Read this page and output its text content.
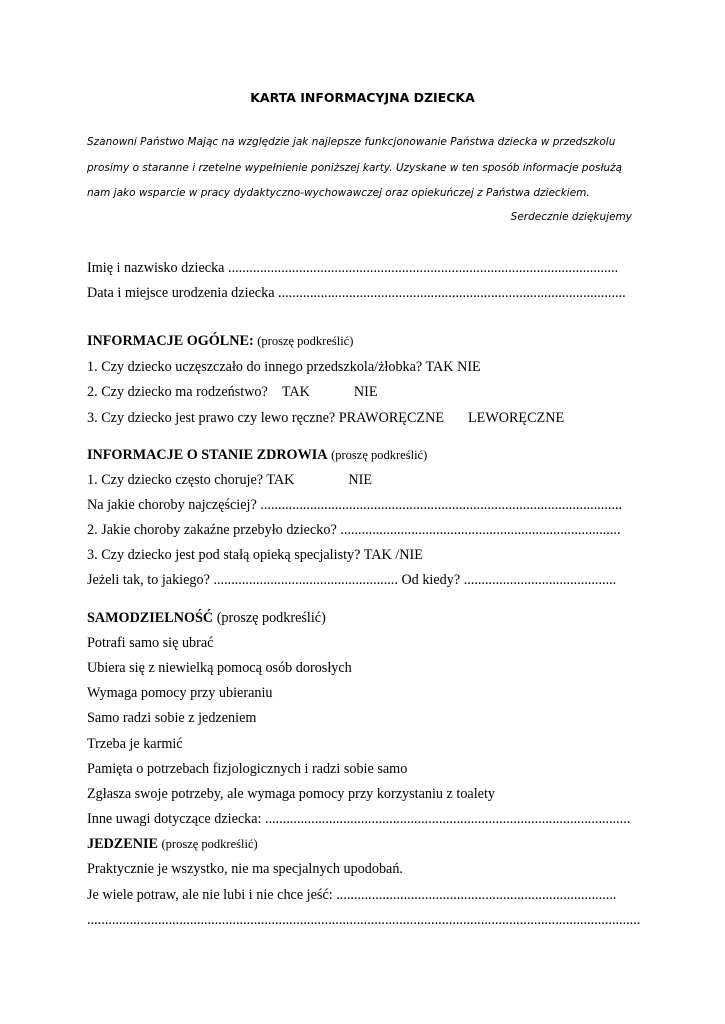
KARTA INFORMACYJNA DZIECKA
Szanowni Państwo Mając na względzie jak najlepsze funkcjonowanie Państwa dziecka w przedszkolu
prosimy o staranne i rzetelne wypełnienie poniższej karty. Uzyskane w ten sposób informacje posłużą
nam jako wsparcie w pracy dydaktyczno-wychowawczej oraz opiekuńczej z Państwa dzieckiem.
Serdecznie dziękujemy
Imię i nazwisko dziecka ..............................................................................................................
Data i miejsce urodzenia dziecka ..................................................................................................
INFORMACJE OGÓLNE: (proszę podkreślić)
1. Czy dziecko uczęszczało do innego przedszkola/żłobka? TAK NIE
2. Czy dziecko ma rodzeństwo? TAK	NIE
3. Czy dziecko jest prawo czy lewo ręczne? PRAWORĘCZNE LEWORĘCZNE
INFORMACJE O STANIE ZDROWIA (proszę podkreślić)
1. Czy dziecko często choruje? TAK	NIE
Na jakie choroby najczęściej? ......................................................................................................
2. Jakie choroby zakaźne przebyło dziecko? ...............................................................................
3. Czy dziecko jest pod stałą opieką specjalisty? TAK /NIE
Jeżeli tak, to jakiego? .................................................... Od kiedy? ...........................................
SAMODZIELNOŚĆ (proszę podkreślić)
Potrafi samo się ubrać
Ubiera się z niewielką pomocą osób dorosłych
Wymaga pomocy przy ubieraniu
Samo radzi sobie z jedzeniem
Trzeba je karmić
Pamięta o potrzebach fizjologicznych i radzi sobie samo
Zgłasza swoje potrzeby, ale wymaga pomocy przy korzystaniu z toalety
Inne uwagi dotyczące dziecka: .......................................................................................................
JEDZENIE (proszę podkreślić)
Praktycznie je wszystko, nie ma specjalnych upodobań.
Je wiele potraw, ale nie lubi i nie chce jeść: ...............................................................................
............................................................................................................................................................
